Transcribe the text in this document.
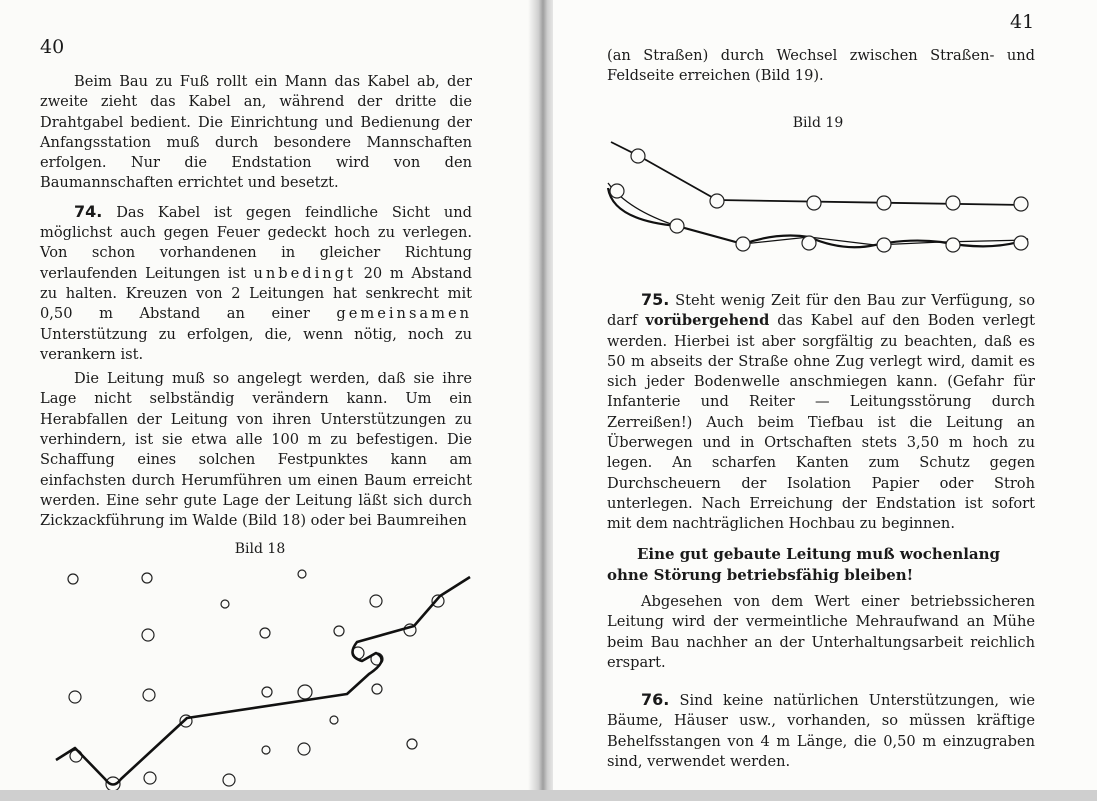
40

Beim Bau zu Fuß rollt ein Mann das Kabel ab, der zweite zieht das Kabel an, während der dritte die Drahtgabel bedient. Die Einrichtung und Bedienung der Anfangsstation muß durch besondere Mannschaften erfolgen. Nur die Endstation wird von den Baumannschaften errichtet und besetzt.

74. Das Kabel ist gegen feindliche Sicht und möglichst auch gegen Feuer gedeckt hoch zu verlegen. Von schon vorhandenen in gleicher Richtung verlaufenden Leitungen ist unbedingt 20 m Abstand zu halten. Kreuzen von 2 Leitungen hat senkrecht mit 0,50 m Abstand an einer gemeinsamen Unterstützung zu erfolgen, die, wenn nötig, noch zu verankern ist.

Die Leitung muß so angelegt werden, daß sie ihre Lage nicht selbständig verändern kann. Um ein Herabfallen der Leitung von ihren Unterstützungen zu verhindern, ist sie etwa alle 100 m zu befestigen. Die Schaffung eines solchen Festpunktes kann am einfachsten durch Herumführen um einen Baum erreicht werden. Eine sehr gute Lage der Leitung läßt sich durch Zickzackführung im Walde (Bild 18) oder bei Baumreihen

Bild 18
41
(an Straßen) durch Wechsel zwischen Straßen- und Feldseite erreichen (Bild 19).
Bild 19

75. Steht wenig Zeit für den Bau zur Verfügung, so darf vorübergehend das Kabel auf den Boden verlegt werden. Hierbei ist aber sorgfältig zu beachten, daß es 50 m abseits der Straße ohne Zug verlegt wird, damit es sich jeder Bodenwelle anschmiegen kann. (Gefahr für Infanterie und Reiter — Leitungsstörung durch Zerreißen!) Auch beim Tiefbau ist die Leitung an Überwegen und in Ortschaften stets 3,50 m hoch zu legen. An scharfen Kanten zum Schutz gegen Durchscheuern der Isolation Papier oder Stroh unterlegen. Nach Erreichung der Endstation ist sofort mit dem nachträglichen Hochbau zu beginnen.

Eine gut gebaute Leitung muß wochenlang ohne Störung betriebsfähig bleiben!

Abgesehen von dem Wert einer betriebssicheren Leitung wird der vermeintliche Mehraufwand an Mühe beim Bau nachher an der Unterhaltungsarbeit reichlich erspart.

76. Sind keine natürlichen Unterstützungen, wie Bäume, Häuser usw., vorhanden, so müssen kräftige Behelfsstangen von 4 m Länge, die 0,50 m einzugraben sind, verwendet werden.
